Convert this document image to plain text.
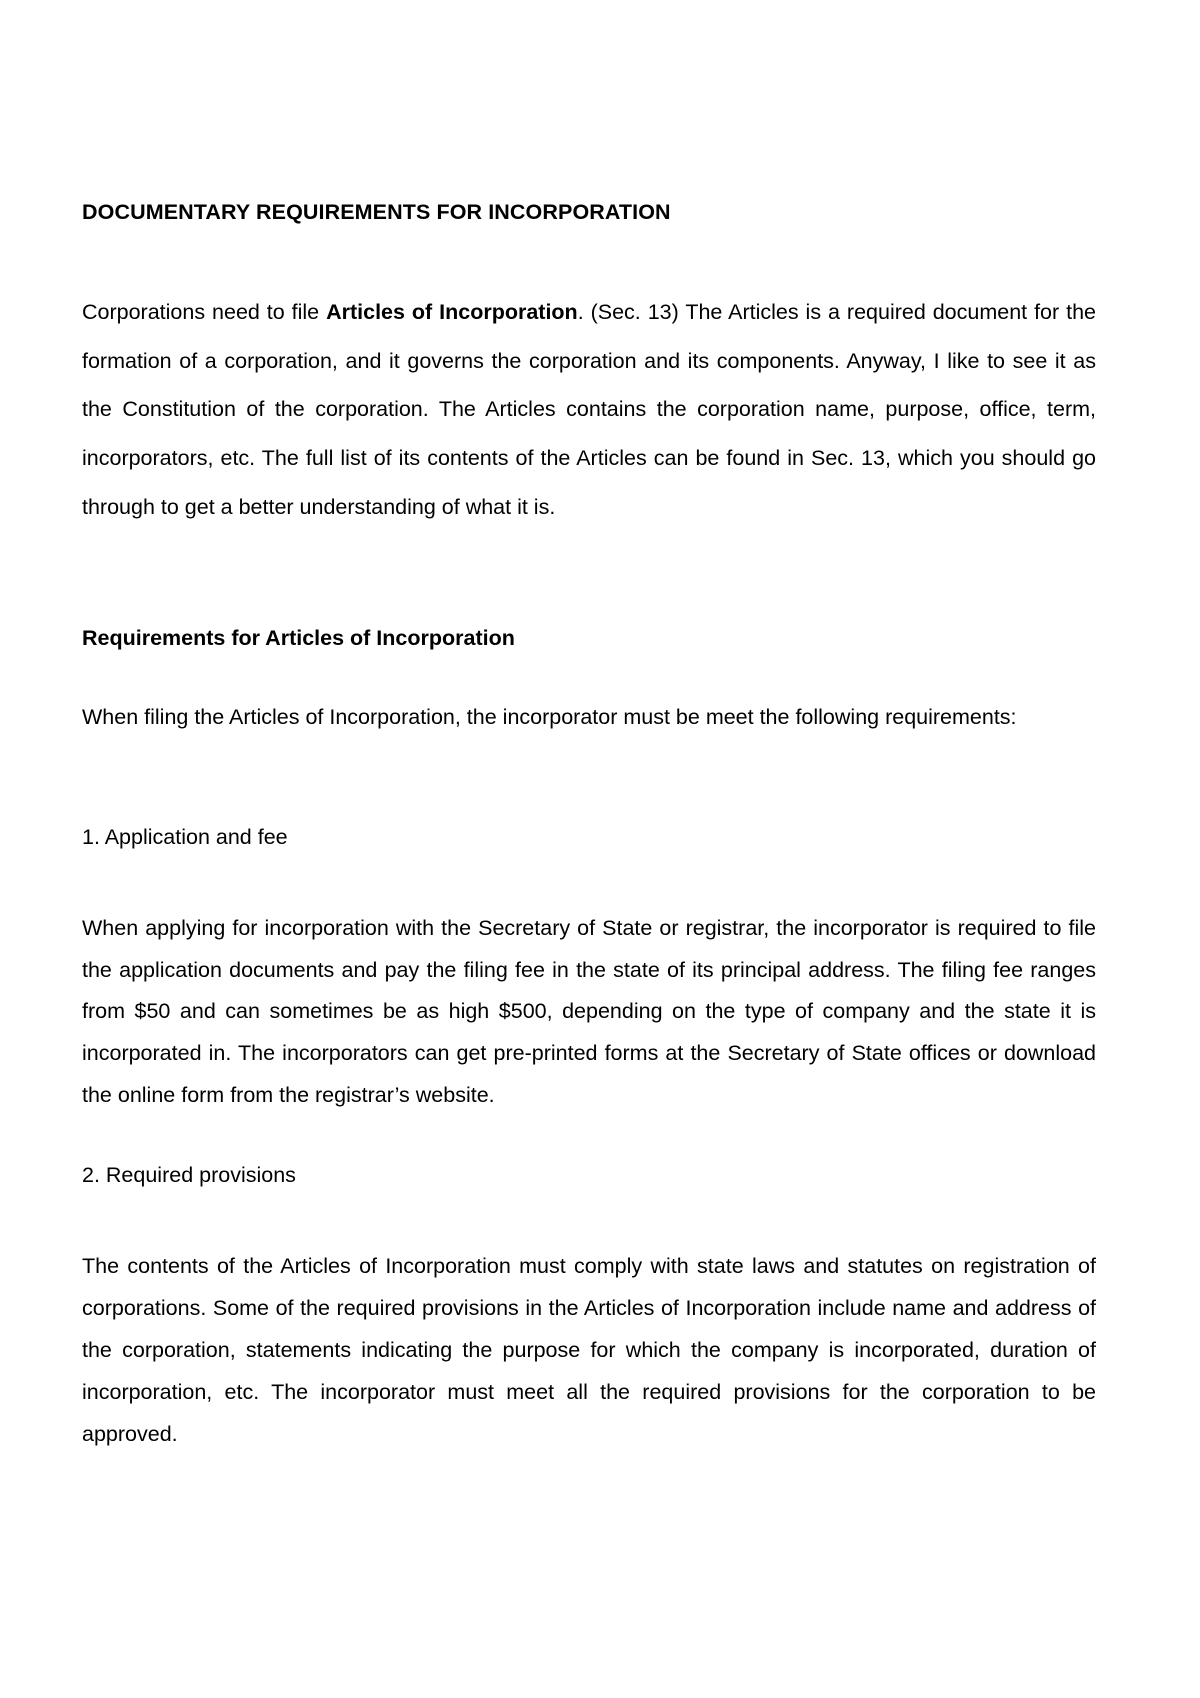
DOCUMENTARY REQUIREMENTS FOR INCORPORATION

Corporations need to file Articles of Incorporation. (Sec. 13) The Articles is a required document for the formation of a corporation, and it governs the corporation and its components. Anyway, I like to see it as the Constitution of the corporation. The Articles contains the corporation name, purpose, office, term, incorporators, etc. The full list of its contents of the Articles can be found in Sec. 13, which you should go through to get a better understanding of what it is.

Requirements for Articles of Incorporation

When filing the Articles of Incorporation, the incorporator must be meet the following requirements:

1. Application and fee

When applying for incorporation with the Secretary of State or registrar, the incorporator is required to file the application documents and pay the filing fee in the state of its principal address. The filing fee ranges from $50 and can sometimes be as high $500, depending on the type of company and the state it is incorporated in. The incorporators can get pre-printed forms at the Secretary of State offices or download the online form from the registrar’s website.

2. Required provisions

The contents of the Articles of Incorporation must comply with state laws and statutes on registration of corporations. Some of the required provisions in the Articles of Incorporation include name and address of the corporation, statements indicating the purpose for which the company is incorporated, duration of incorporation, etc. The incorporator must meet all the required provisions for the corporation to be approved.
